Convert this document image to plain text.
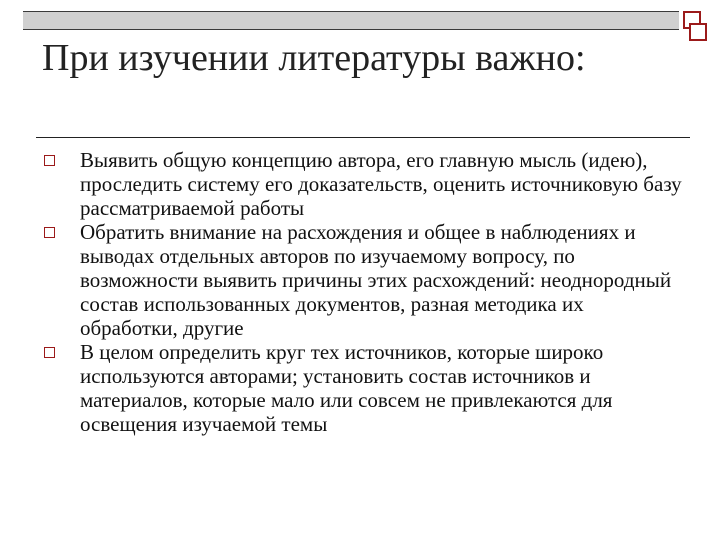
При изучении литературы важно:
Выявить общую концепцию автора, его главную мысль (идею), проследить систему его доказательств, оценить источниковую базу рассматриваемой работы
Обратить внимание на расхождения и общее в наблюдениях и выводах отдельных авторов по изучаемому вопросу, по возможности выявить причины этих расхождений: неоднородный состав использованных документов, разная методика их обработки, другие
В целом определить круг тех источников, которые широко используются авторами; установить состав источников и материалов, которые мало или совсем не привлекаются для освещения изучаемой темы
